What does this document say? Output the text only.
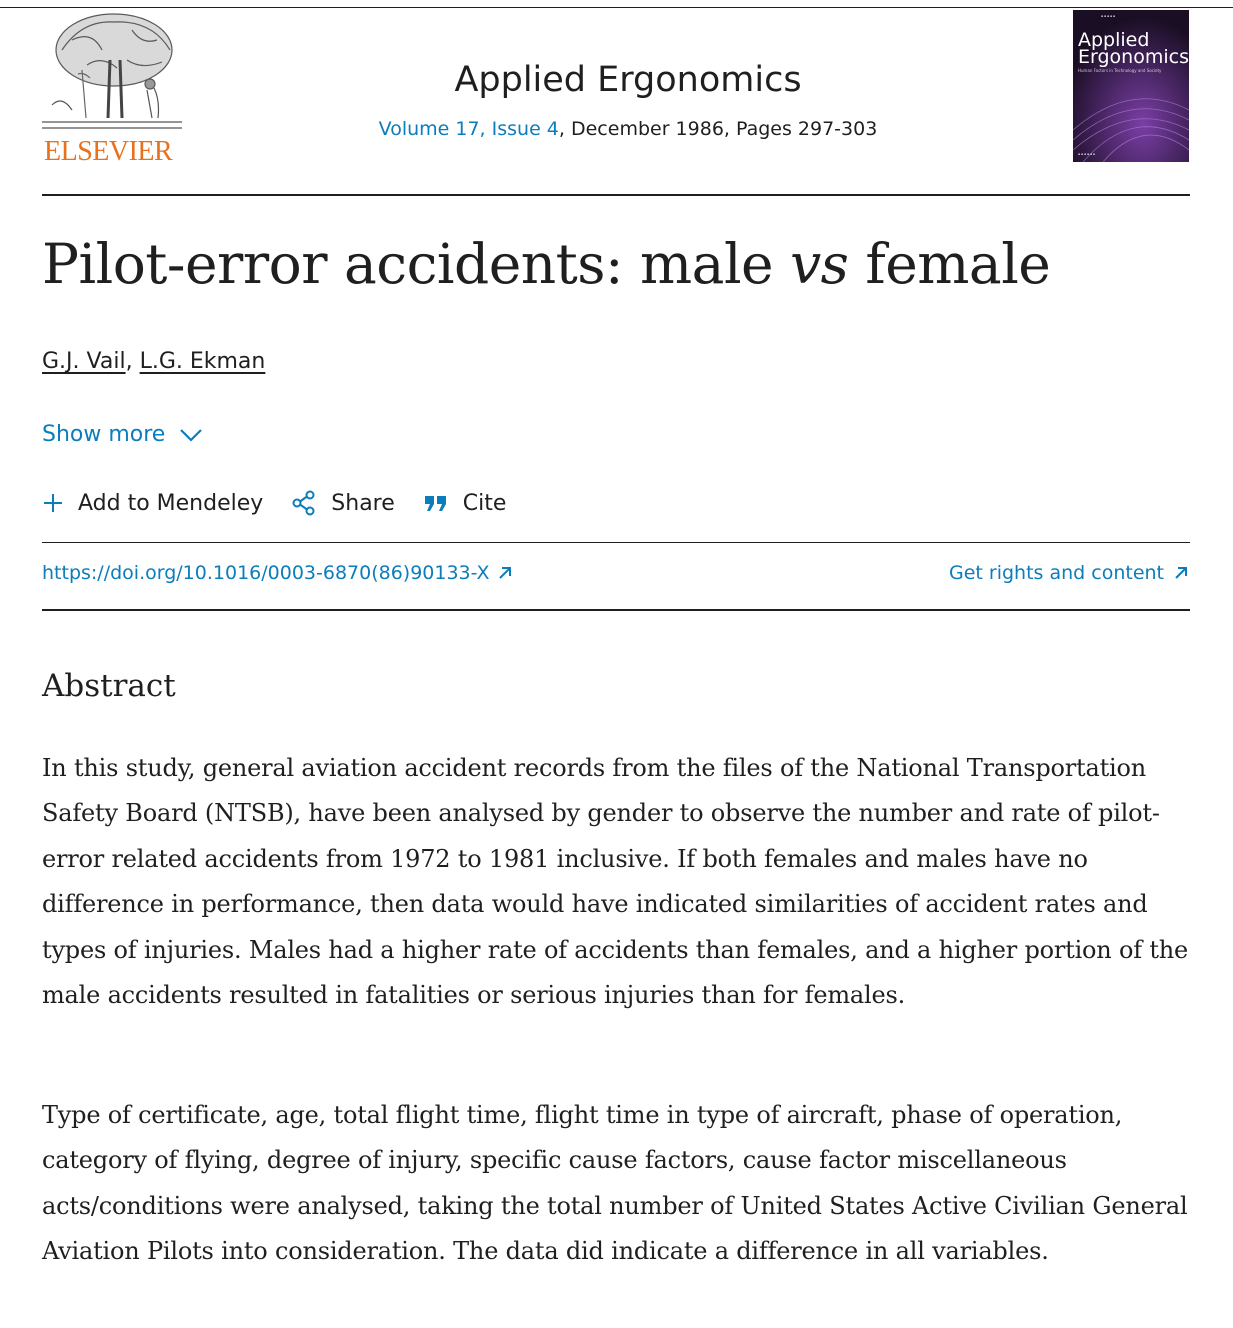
ELSEVIER
Applied Ergonomics
Volume 17, Issue 4, December 1986, Pages 297-303
▪ ▪ ▪ ▪ ▪
Applied
Ergonomics
Human Factors in Technology and Society
▪ ▪ ▪ ▪ ▪ ▪
Pilot-error accidents: male vs female
G.J. Vail, L.G. Ekman
Show more
Add to Mendeley	Share	Cite
https://doi.org/10.1016/0003-6870(86)90133-X	Get rights and content
Abstract

In this study, general aviation accident records from the files of the National Transportation Safety Board (NTSB), have been analysed by gender to observe the number and rate of pilot-error related accidents from 1972 to 1981 inclusive. If both females and males have no difference in performance, then data would have indicated similarities of accident rates and types of injuries. Males had a higher rate of accidents than females, and a higher portion of the male accidents resulted in fatalities or serious injuries than for females.

Type of certificate, age, total flight time, flight time in type of aircraft, phase of operation, category of flying, degree of injury, specific cause factors, cause factor miscellaneous acts/conditions were analysed, taking the total number of United States Active Civilian General Aviation Pilots into consideration. The data did indicate a difference in all variables.
